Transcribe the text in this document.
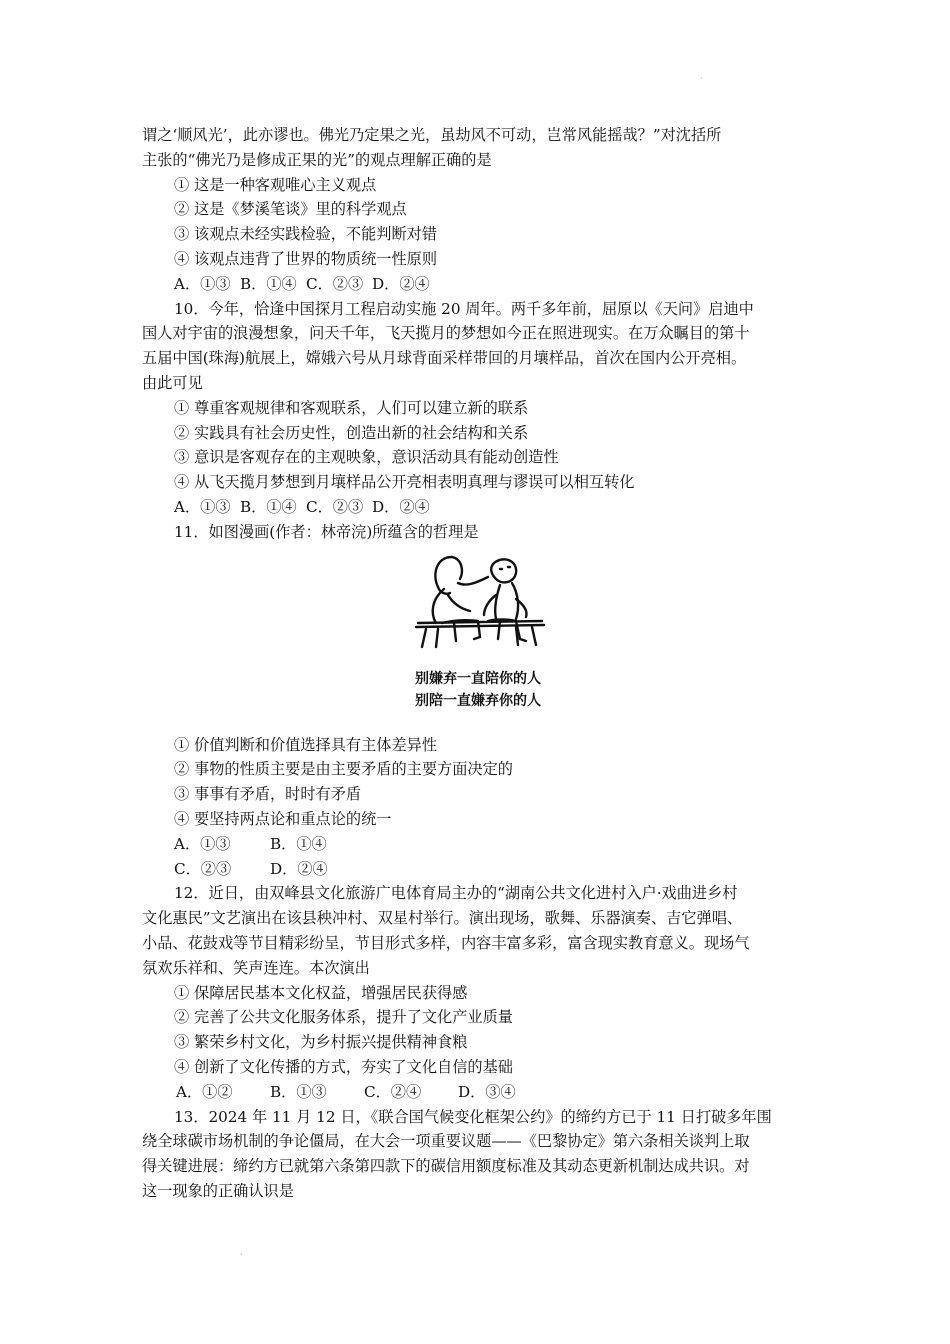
·
·
谓之‘顺风光’，此亦谬也。佛光乃定果之光，虽劫风不可动，岂常风能摇哉？”对沈括所
主张的“佛光乃是修成正果的光”的观点理解正确的是
① 这是一种客观唯心主义观点
② 这是《梦溪笔谈》里的科学观点
③ 该观点未经实践检验，不能判断对错
④ 该观点违背了世界的物质统一性原则
A．①③ B．①④ C．②③ D．②④
10．今年，恰逢中国探月工程启动实施 20 周年。两千多年前，屈原以《天问》启迪中
国人对宇宙的浪漫想象，问天千年，飞天揽月的梦想如今正在照进现实。在万众瞩目的第十
五届中国(珠海)航展上，嫦娥六号从月球背面采样带回的月壤样品，首次在国内公开亮相。
由此可见
① 尊重客观规律和客观联系，人们可以建立新的联系
② 实践具有社会历史性，创造出新的社会结构和关系
③ 意识是客观存在的主观映象，意识活动具有能动创造性
④ 从飞天揽月梦想到月壤样品公开亮相表明真理与谬误可以相互转化
A．①③ B．①④ C．②③ D．②④
11．如图漫画(作者：林帝浣)所蕴含的哲理是
别嫌弃一直陪你的人
别陪一直嫌弃你的人
① 价值判断和价值选择具有主体差异性
② 事物的性质主要是由主要矛盾的主要方面决定的
③ 事事有矛盾，时时有矛盾
④ 要坚持两点论和重点论的统一
A．①③	B．①④
C．②③	D．②④
12．近日，由双峰县文化旅游广电体育局主办的“湖南公共文化进村入户·戏曲进乡村
文化惠民”文艺演出在该县秧冲村、双星村举行。演出现场，歌舞、乐器演奏、吉它弹唱、
小品、花鼓戏等节目精彩纷呈，节目形式多样，内容丰富多彩，富含现实教育意义。现场气
氛欢乐祥和、笑声连连。本次演出
① 保障居民基本文化权益，增强居民获得感
② 完善了公共文化服务体系，提升了文化产业质量
③ 繁荣乡村文化，为乡村振兴提供精神食粮
④ 创新了文化传播的方式，夯实了文化自信的基础
A．①② B．①③ C．②④ D．③④
13．2024 年 11 月 12 日，《联合国气候变化框架公约》的缔约方已于 11 日打破多年围
绕全球碳市场机制的争论僵局，在大会一项重要议题——《巴黎协定》第六条相关谈判上取
得关键进展：缔约方已就第六条第四款下的碳信用额度标准及其动态更新机制达成共识。对
这一现象的正确认识是
